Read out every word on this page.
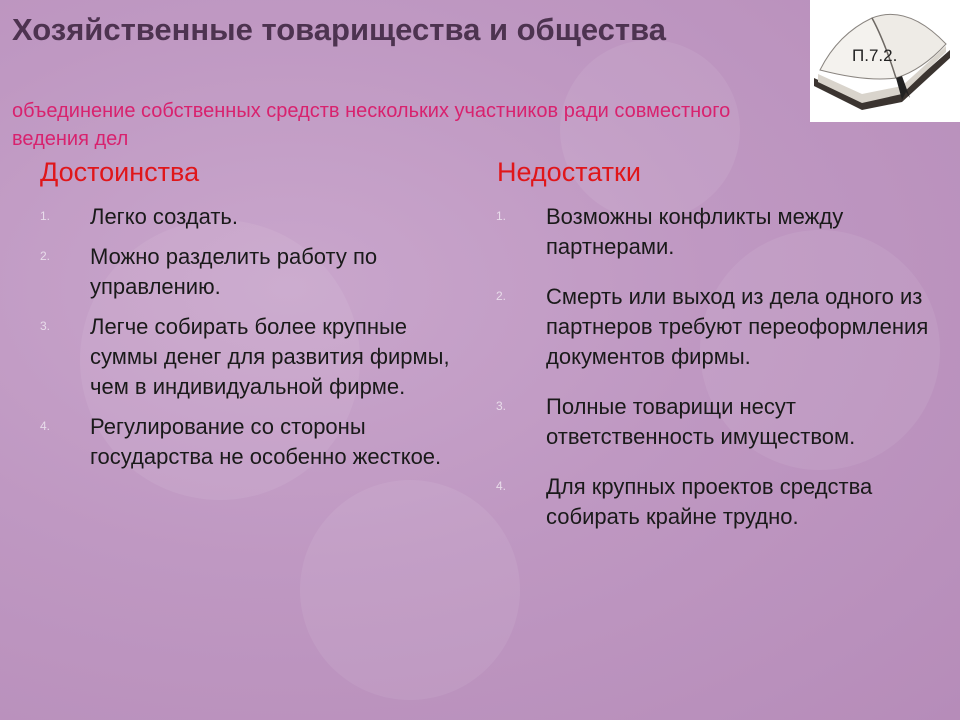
Хозяйственные товарищества и общества
объединение собственных средств нескольких участников ради совместного ведения дел
П.7.2.
Достоинства
1. Легко создать.
2. Можно разделить работу по управлению.
3. Легче собирать более крупные суммы денег для развития фирмы, чем в индивидуальной фирме.
4. Регулирование со стороны государства не особенно жесткое.
Недостатки
1. Возможны конфликты между партнерами.
2. Смерть или выход из дела одного из партнеров требуют переоформления документов фирмы.
3. Полные товарищи несут ответственность имуществом.
4. Для крупных проектов средства собирать крайне трудно.
